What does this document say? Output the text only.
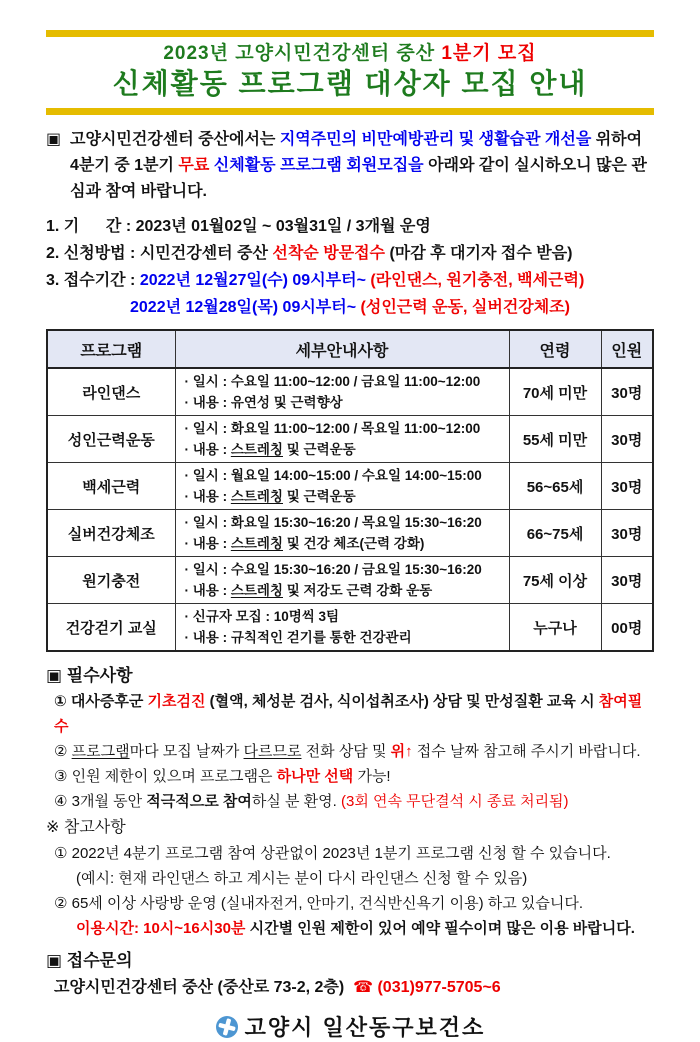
2023년 고양시민건강센터 중산 1분기 모집
신체활동 프로그램 대상자 모집 안내

▣ 고양시민건강센터 중산에서는 지역주민의 비만예방관리 및 생활습관 개선을 위하여 4분기 중 1분기 무료 신체활동 프로그램 회원모집을 아래와 같이 실시하오니 많은 관심과 참여 바랍니다.

1. 기      간 : 2023년 01월02일 ~ 03월31일 / 3개월 운영
2. 신청방법 : 시민건강센터 중산 선착순 방문접수 (마감 후 대기자 접수 받음)
3. 접수기간 : 2022년 12월27일(수) 09시부터~ (라인댄스, 원기충전, 백세근력)
2022년 12월28일(목) 09시부터~ (성인근력 운동, 실버건강체조)
프로그램	세부안내사항	연령	인원
라인댄스	· 일시 : 수요일 11:00~12:00 / 금요일 11:00~12:00
· 내용 : 유연성 및 근력향상	70세 미만	30명
성인근력운동	· 일시 : 화요일 11:00~12:00 / 목요일 11:00~12:00
· 내용 : 스트레칭 및 근력운동	55세 미만	30명
백세근력	· 일시 : 월요일 14:00~15:00 / 수요일 14:00~15:00
· 내용 : 스트레칭 및 근력운동	56~65세	30명
실버건강체조	· 일시 : 화요일 15:30~16:20 / 목요일 15:30~16:20
· 내용 : 스트레칭 및 건강 체조(근력 강화)	66~75세	30명
원기충전	· 일시 : 수요일 15:30~16:20 / 금요일 15:30~16:20
· 내용 : 스트레칭 및 저강도 근력 강화 운동	75세 이상	30명
건강걷기 교실	· 신규자 모집 : 10명씩 3팀
· 내용 : 규칙적인 걷기를 통한 건강관리	누구나	00명
▣ 필수사항
① 대사증후군 기초검진 (혈액, 체성분 검사, 식이섭취조사) 상담 및 만성질환 교육 시 참여필수
② 프로그램마다 모집 날짜가 다르므로 전화 상담 및 위↑ 접수 날짜 참고해 주시기 바랍니다.
③ 인원 제한이 있으며 프로그램은 하나만 선택 가능!
④ 3개월 동안 적극적으로 참여하실 분 환영. (3회 연속 무단결석 시 종료 처리됨)
※ 참고사항
① 2022년 4분기 프로그램 참여 상관없이 2023년 1분기 프로그램 신청 할 수 있습니다.
(예시: 현재 라인댄스 하고 계시는 분이 다시 라인댄스 신청 할 수 있음)
② 65세 이상 사랑방 운영 (실내자전거, 안마기, 건식반신욕기 이용) 하고 있습니다.
이용시간: 10시~16시30분 시간별 인원 제한이 있어 예약 필수이며 많은 이용 바랍니다.
▣ 접수문의
고양시민건강센터 중산 (중산로 73-2, 2층)  ☎ (031)977-5705~6
고양시 일산동구보건소
